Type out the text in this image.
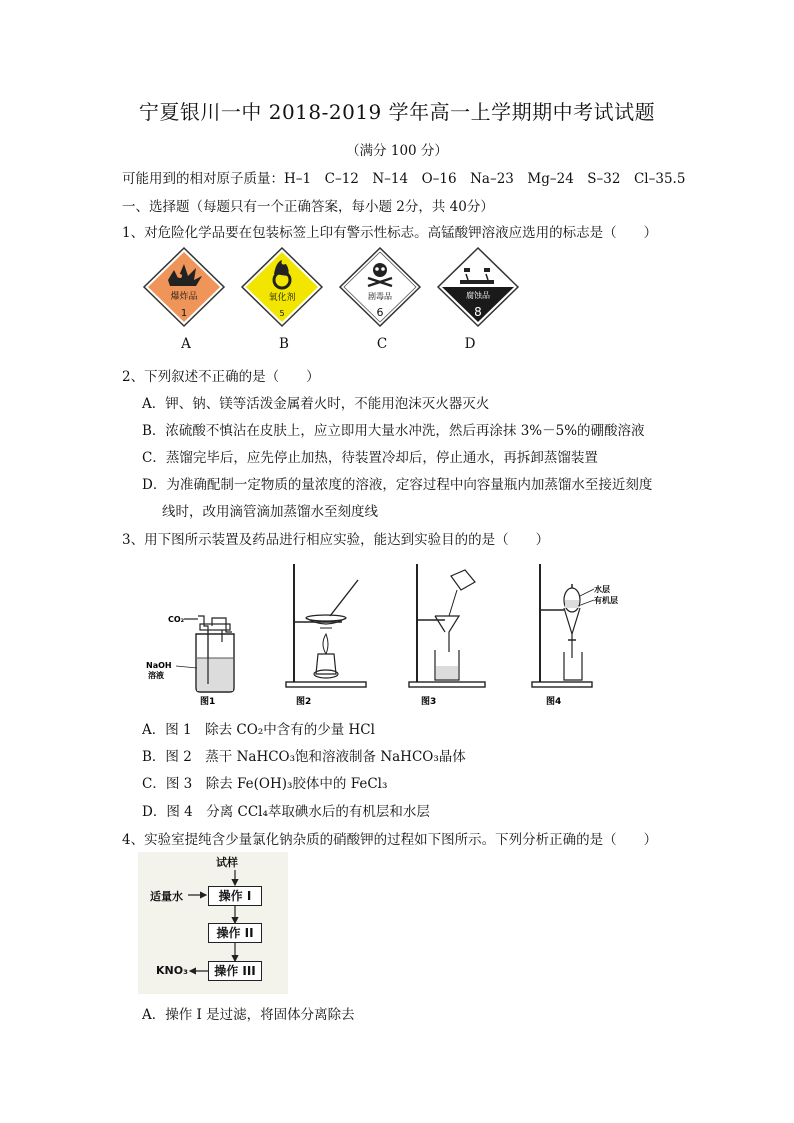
宁夏银川一中 2018-2019 学年高一上学期期中考试试题
（满分 100 分）
可能用到的相对原子质量：H–1　C–12　N–14　O–16　Na–23　Mg–24　S–32　Cl–35.5
一、选择题（每题只有一个正确答案，每小题 2分，共 40分）
1、对危险化学品要在包装标签上印有警示性标志。高锰酸钾溶液应选用的标志是（　　）
爆炸品
1
氧化剂
5
剧毒品
6
腐蚀品
8
A	B	C	D
2、下列叙述不正确的是（　　）
A．钾、钠、镁等活泼金属着火时，不能用泡沫灭火器灭火
B．浓硫酸不慎沾在皮肤上，应立即用大量水冲洗，然后再涂抹 3%－5%的硼酸溶液
C．蒸馏完毕后，应先停止加热，待装置冷却后，停止通水，再拆卸蒸馏装置
D．为准确配制一定物质的量浓度的溶液，定容过程中向容量瓶内加蒸馏水至接近刻度
线时，改用滴管滴加蒸馏水至刻度线
3、用下图所示装置及药品进行相应实验，能达到实验目的的是（　　）
CO₂
NaOH
溶液
图1	图2	图3
水层
有机层
图4
A．图 1　除去 CO₂中含有的少量 HCl
B．图 2　蒸干 NaHCO₃饱和溶液制备 NaHCO₃晶体
C．图 3　除去 Fe(OH)₃胶体中的 FeCl₃
D．图 4　分离 CCl₄萃取碘水后的有机层和水层
4、实验室提纯含少量氯化钠杂质的硝酸钾的过程如下图所示。下列分析正确的是（　　）
试样
适量水	操作 I
操作 II
操作 III
KNO₃
A．操作 I 是过滤，将固体分离除去
